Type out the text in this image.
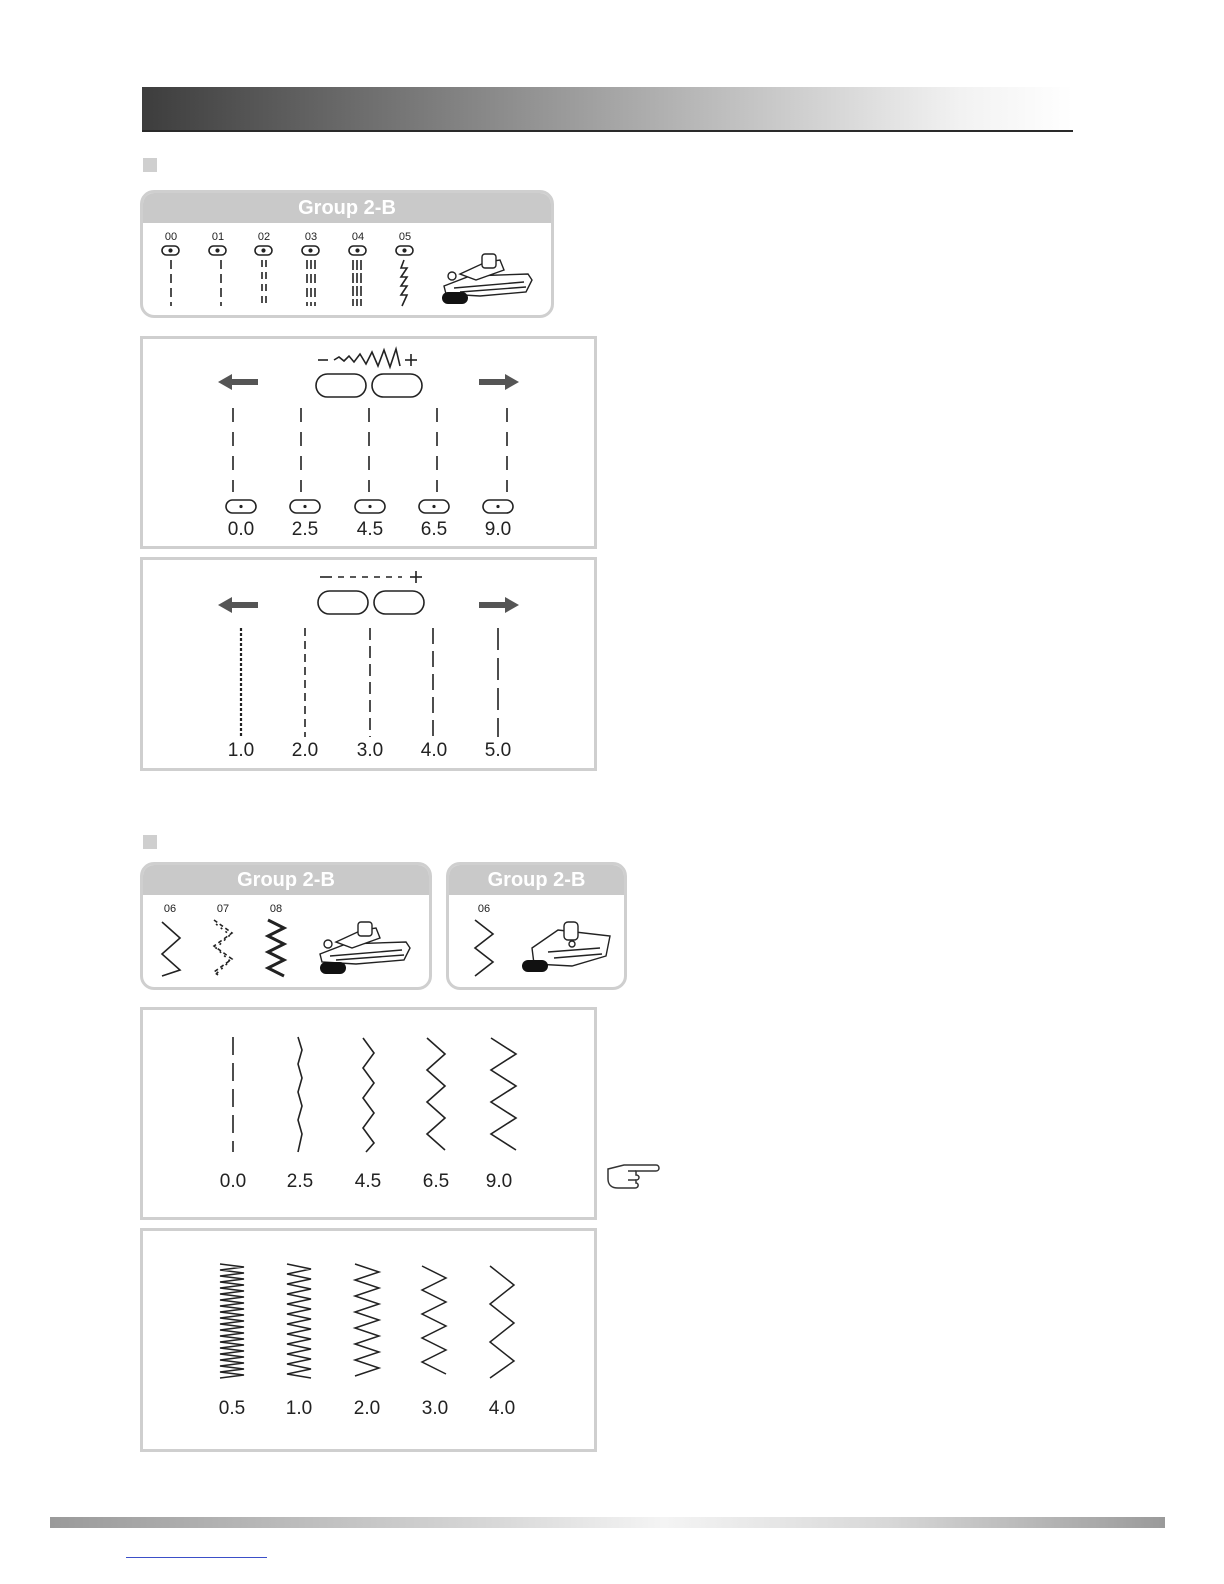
Group 2-B
00	01	02	03	04	05
0.0	2.5	4.5	6.5	9.0
1.0	2.0	3.0	4.0	5.0
Group 2-B
06	07	08
Group 2-B
06
0.0	2.5	4.5	6.5	9.0
0.5	1.0	2.0	3.0	4.0
